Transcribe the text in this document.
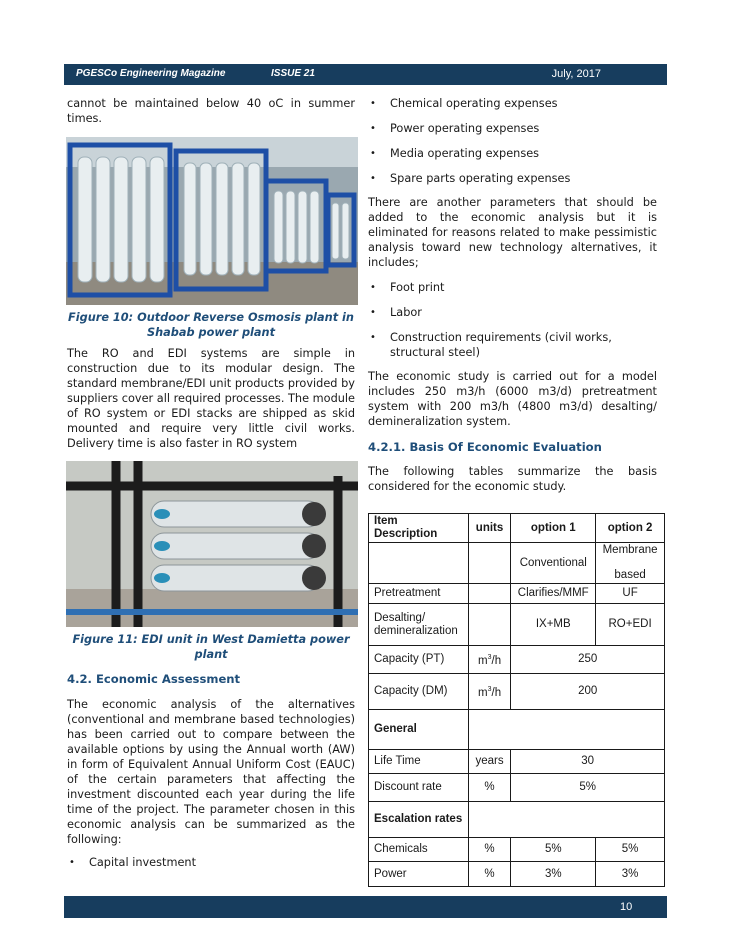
PGESCo Engineering Magazine	ISSUE 21	July, 2017

cannot be maintained below 40 oC in summer times.

Figure 10: Outdoor Reverse Osmosis plant in Shabab power plant

The RO and EDI systems are simple in construction due to its modular design. The standard membrane/EDI unit products provided by suppliers cover all required processes. The module of RO system or EDI stacks are shipped as skid mounted and require very little civil works. Delivery time is also faster in RO system

Figure 11: EDI unit in West Damietta power plant
4.2. Economic Assessment

The economic analysis of the alternatives (conventional and membrane based technologies) has been carried out to compare between the available options by using the Annual worth (AW) in form of Equivalent Annual Uniform Cost (EAUC) of the certain parameters that affecting the investment discounted each year during the life time of the project. The parameter chosen in this economic analysis can be summarized as the following:

• Capital investment
• Chemical operating expenses
• Power operating expenses
• Media operating expenses
• Spare parts operating expenses

There are another parameters that should be added to the economic analysis but it is eliminated for reasons related to make pessimistic analysis toward new technology alternatives, it includes;

• Foot print
• Labor
• Construction requirements (civil works, structural steel)

The economic study is carried out for a model includes 250 m3/h (6000 m3/d) pretreatment system with 200 m3/h (4800 m3/d) desalting/ demineralization system.

4.2.1. Basis Of Economic Evaluation

The following tables summarize the basis considered for the economic study.

Item Description	units	option 1	option 2
		Conventional	Membrane
based

Pretreatment		Clarifies/MMF	UF
Desalting/ demineralization		IX+MB	RO+EDI
Capacity (PT)	$m^3/h$	250	
Capacity (DM)	$m^3/h$	200	
General			
Life Time	years	30	
Discount rate	%	5%	
Escalation rates			
Chemicals	%	5%	5%
Power	%	3%	3%
10
